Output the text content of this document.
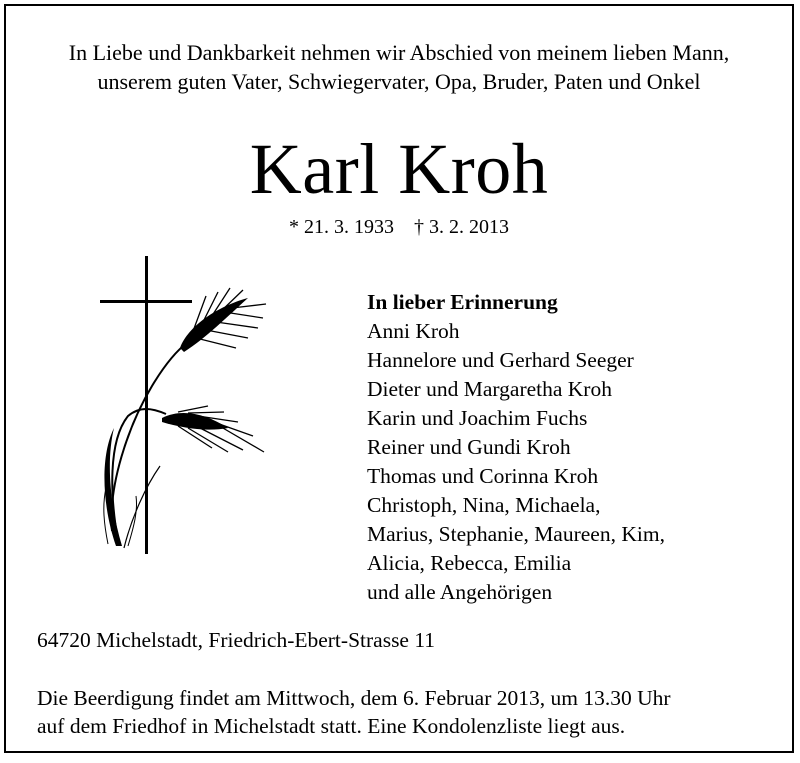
In Liebe und Dankbarkeit nehmen wir Abschied von meinem lieben Mann,
unserem guten Vater, Schwiegervater, Opa, Bruder, Paten und Onkel
Karl Kroh
* 21. 3. 1933    † 3. 2. 2013
In lieber Erinnerung
Anni Kroh
Hannelore und Gerhard Seeger
Dieter und Margaretha Kroh
Karin und Joachim Fuchs
Reiner und Gundi Kroh
Thomas und Corinna Kroh
Christoph, Nina, Michaela,
Marius, Stephanie, Maureen, Kim,
Alicia, Rebecca, Emilia
und alle Angehörigen
64720 Michelstadt, Friedrich-Ebert-Strasse 11
Die Beerdigung findet am Mittwoch, dem 6. Februar 2013, um 13.30 Uhr
auf dem Friedhof in Michelstadt statt. Eine Kondolenzliste liegt aus.
